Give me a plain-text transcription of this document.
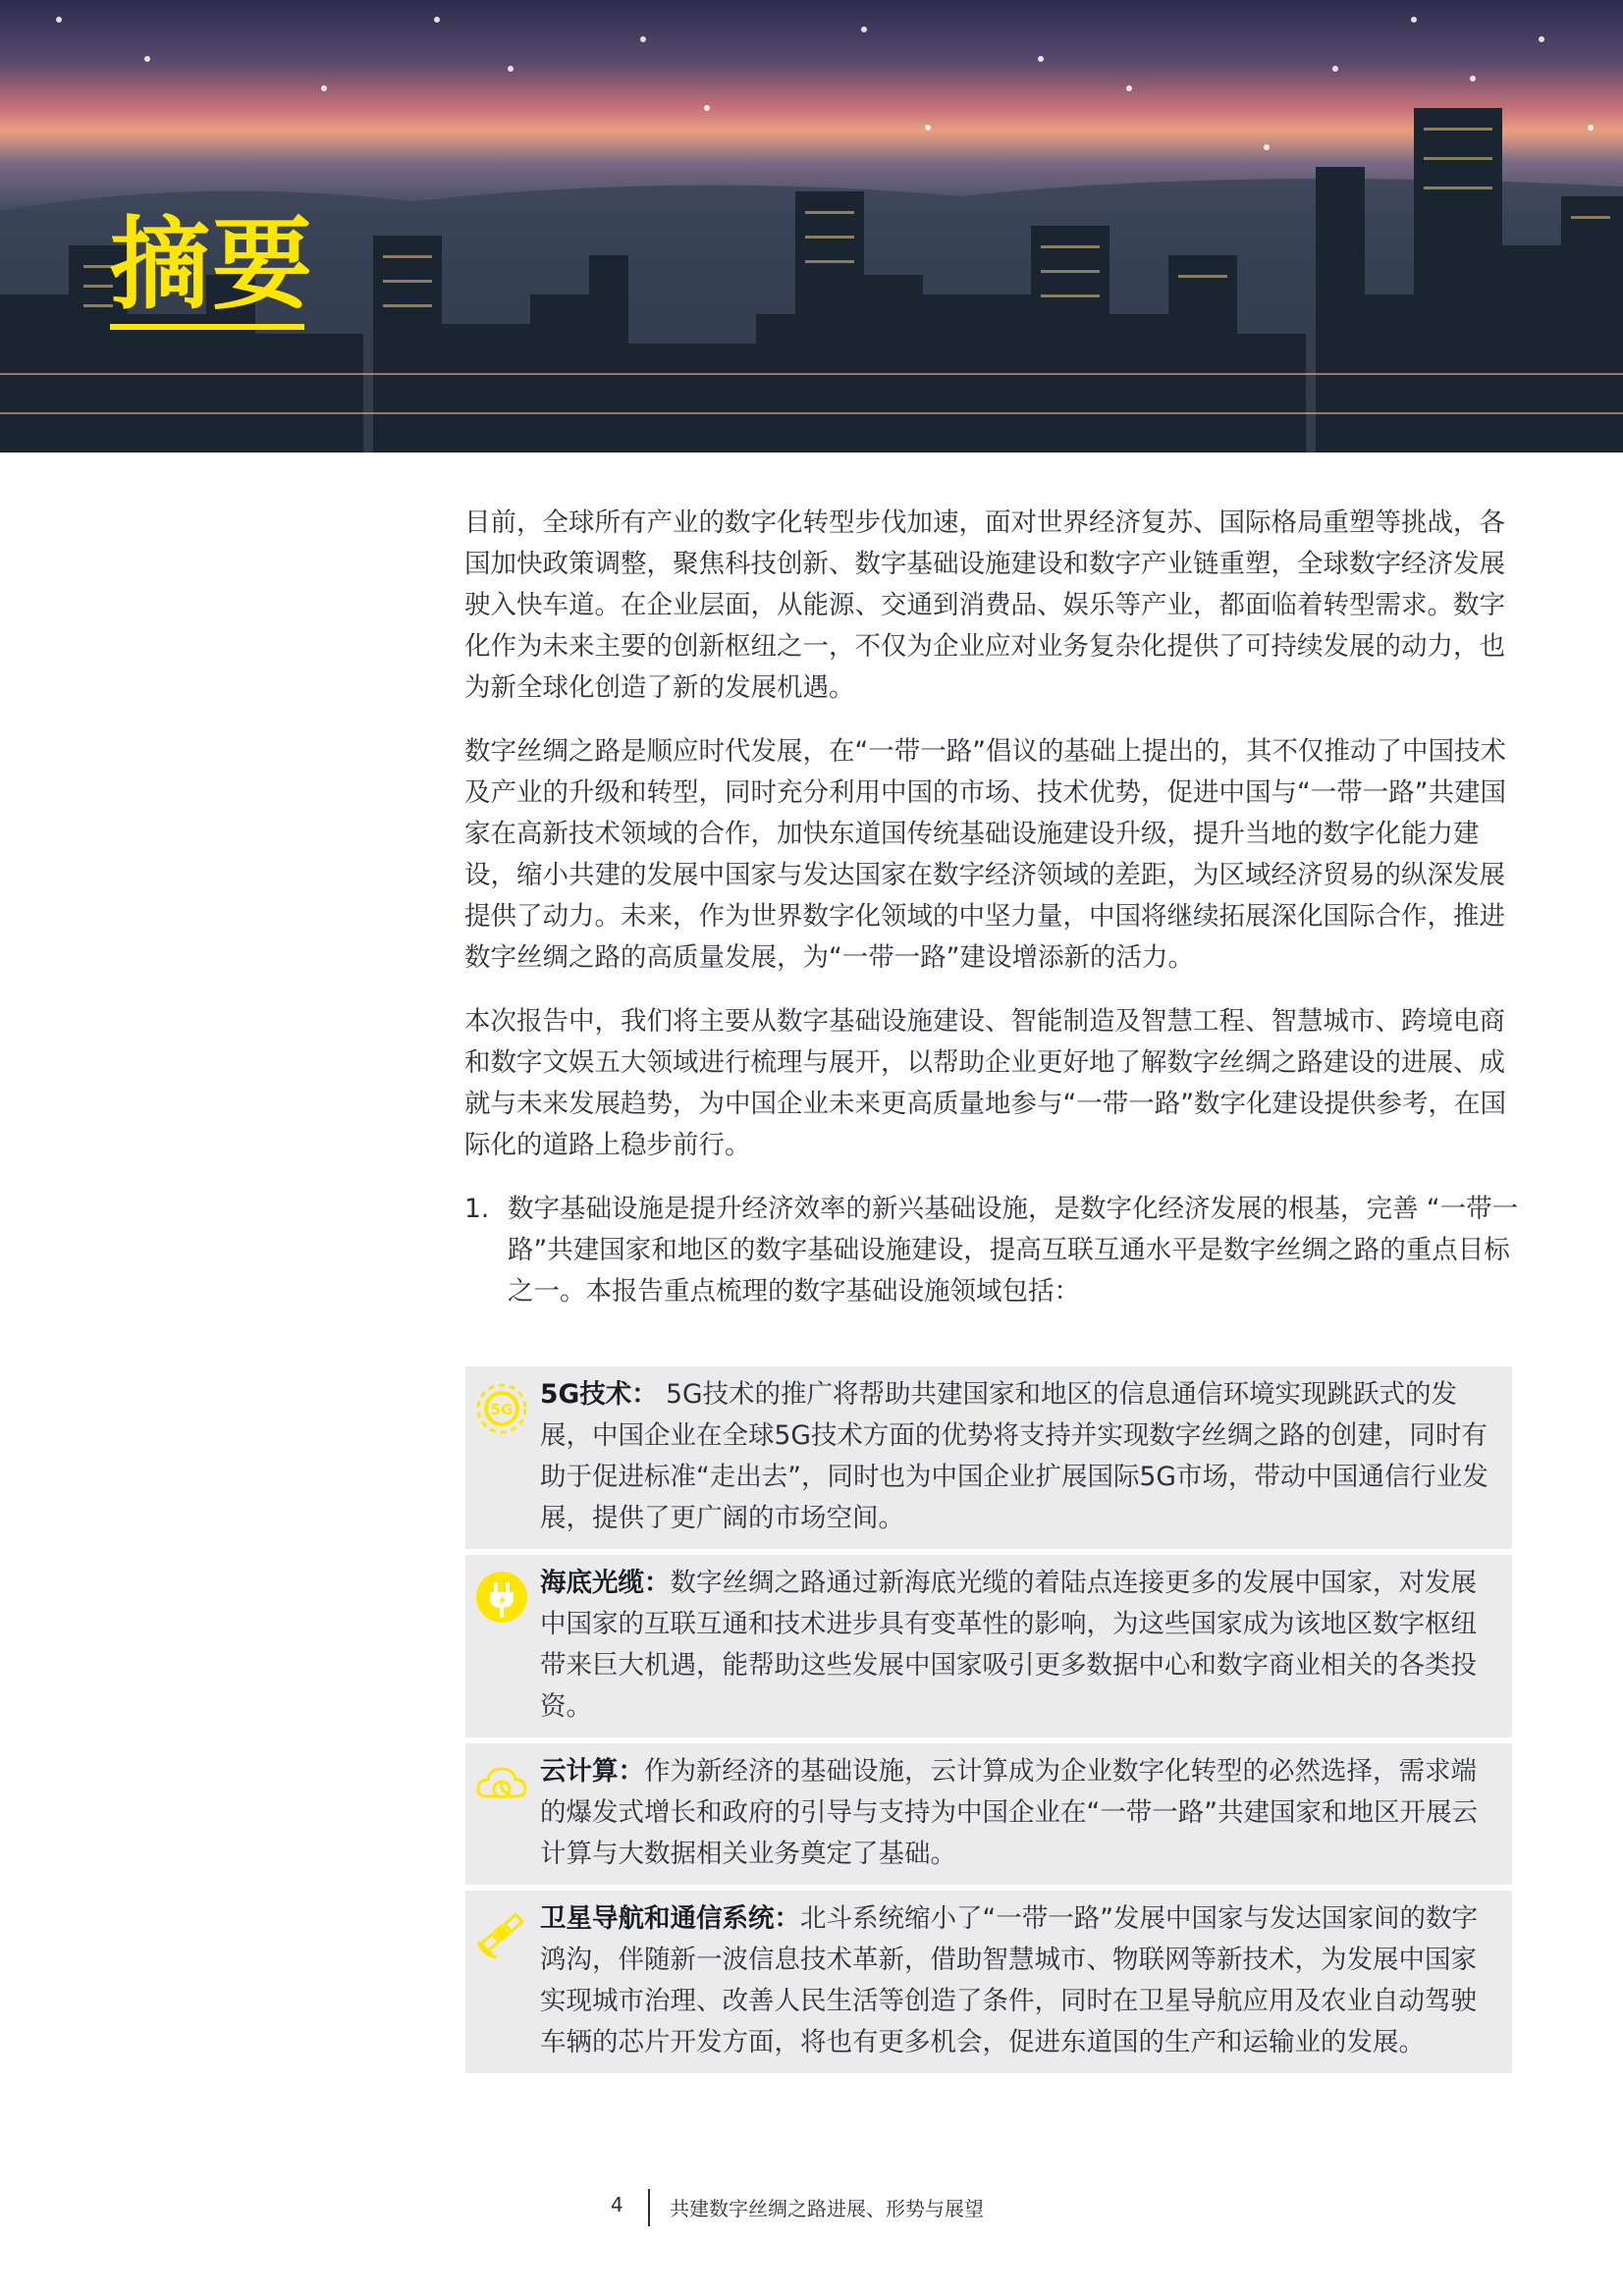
摘要

目前，全球所有产业的数字化转型步伐加速，面对世界经济复苏、国际格局重塑等挑战，各国加快政策调整，聚焦科技创新、数字基础设施建设和数字产业链重塑，全球数字经济发展驶入快车道。在企业层面，从能源、交通到消费品、娱乐等产业，都面临着转型需求。数字化作为未来主要的创新枢纽之一，不仅为企业应对业务复杂化提供了可持续发展的动力，也为新全球化创造了新的发展机遇。

数字丝绸之路是顺应时代发展，在“一带一路”倡议的基础上提出的，其不仅推动了中国技术及产业的升级和转型，同时充分利用中国的市场、技术优势，促进中国与“一带一路”共建国家在高新技术领域的合作，加快东道国传统基础设施建设升级，提升当地的数字化能力建设，缩小共建的发展中国家与发达国家在数字经济领域的差距，为区域经济贸易的纵深发展提供了动力。未来，作为世界数字化领域的中坚力量，中国将继续拓展深化国际合作，推进数字丝绸之路的高质量发展，为“一带一路”建设增添新的活力。

本次报告中，我们将主要从数字基础设施建设、智能制造及智慧工程、智慧城市、跨境电商和数字文娱五大领域进行梳理与展开，以帮助企业更好地了解数字丝绸之路建设的进展、成就与未来发展趋势，为中国企业未来更高质量地参与“一带一路”数字化建设提供参考，在国际化的道路上稳步前行。

1. 数字基础设施是提升经济效率的新兴基础设施，是数字化经济发展的根基，完善 “一带一路”共建国家和地区的数字基础设施建设，提高互联互通水平是数字丝绸之路的重点目标之一。本报告重点梳理的数字基础设施领域包括：
5G 5G技术： 5G技术的推广将帮助共建国家和地区的信息通信环境实现跳跃式的发展，中国企业在全球5G技术方面的优势将支持并实现数字丝绸之路的创建，同时有助于促进标准“走出去”，同时也为中国企业扩展国际5G市场，带动中国通信行业发展，提供了更广阔的市场空间。
海底光缆：数字丝绸之路通过新海底光缆的着陆点连接更多的发展中国家，对发展中国家的互联互通和技术进步具有变革性的影响，为这些国家成为该地区数字枢纽带来巨大机遇，能帮助这些发展中国家吸引更多数据中心和数字商业相关的各类投资。
云计算：作为新经济的基础设施，云计算成为企业数字化转型的必然选择，需求端的爆发式增长和政府的引导与支持为中国企业在“一带一路”共建国家和地区开展云计算与大数据相关业务奠定了基础。
卫星导航和通信系统：北斗系统缩小了“一带一路”发展中国家与发达国家间的数字鸿沟，伴随新一波信息技术革新，借助智慧城市、物联网等新技术，为发展中国家实现城市治理、改善人民生活等创造了条件，同时在卫星导航应用及农业自动驾驶车辆的芯片开发方面，将也有更多机会，促进东道国的生产和运输业的发展。
4 共建数字丝绸之路进展、形势与展望
